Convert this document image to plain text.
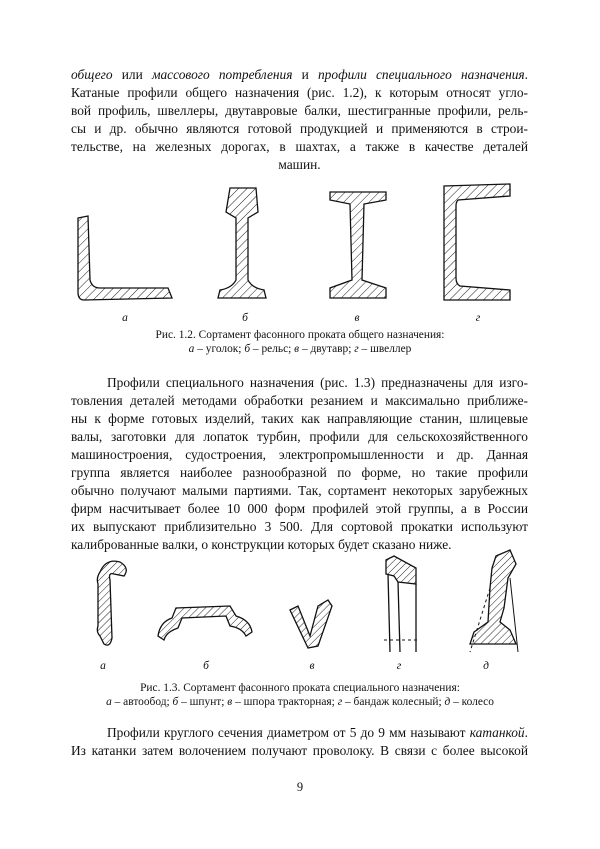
общего или массового потребления и профили специального назначения.
Катаные профили общего назначения (рис. 1.2), к которым относят угло-
вой профиль, швеллеры, двутавровые балки, шестигранные профили, рель-
сы и др. обычно являются готовой продукцией и применяются в строи-
тельстве, на железных дорогах, в шахтах, а также в качестве деталей
машин.
а	б	в	г
Рис. 1.2. Сортамент фасонного проката общего назначения:
а – уголок; б – рельс; в – двутавр; г – швеллер
Профили специального назначения (рис. 1.3) предназначены для изго-
товления деталей методами обработки резанием и максимально приближе-
ны к форме готовых изделий, таких как направляющие станин, шлицевые
валы, заготовки для лопаток турбин, профили для сельскохозяйственного
машиностроения, судостроения, электропромышленности и др. Данная
группа является наиболее разнообразной по форме, но такие профили
обычно получают малыми партиями. Так, сортамент некоторых зарубежных
фирм насчитывает более 10 000 форм профилей этой группы, а в России
их выпускают приблизительно 3 500. Для сортовой прокатки используют
калиброванные валки, о конструкции которых будет сказано ниже.
а	б	в	г	д
Рис. 1.3. Сортамент фасонного проката специального назначения:
а – автообод; б – шпунт; в – шпора тракторная; г – бандаж колесный; д – колесо
Профили круглого сечения диаметром от 5 до 9 мм называют катанкой.
Из катанки затем волочением получают проволоку. В связи с более высокой
9
